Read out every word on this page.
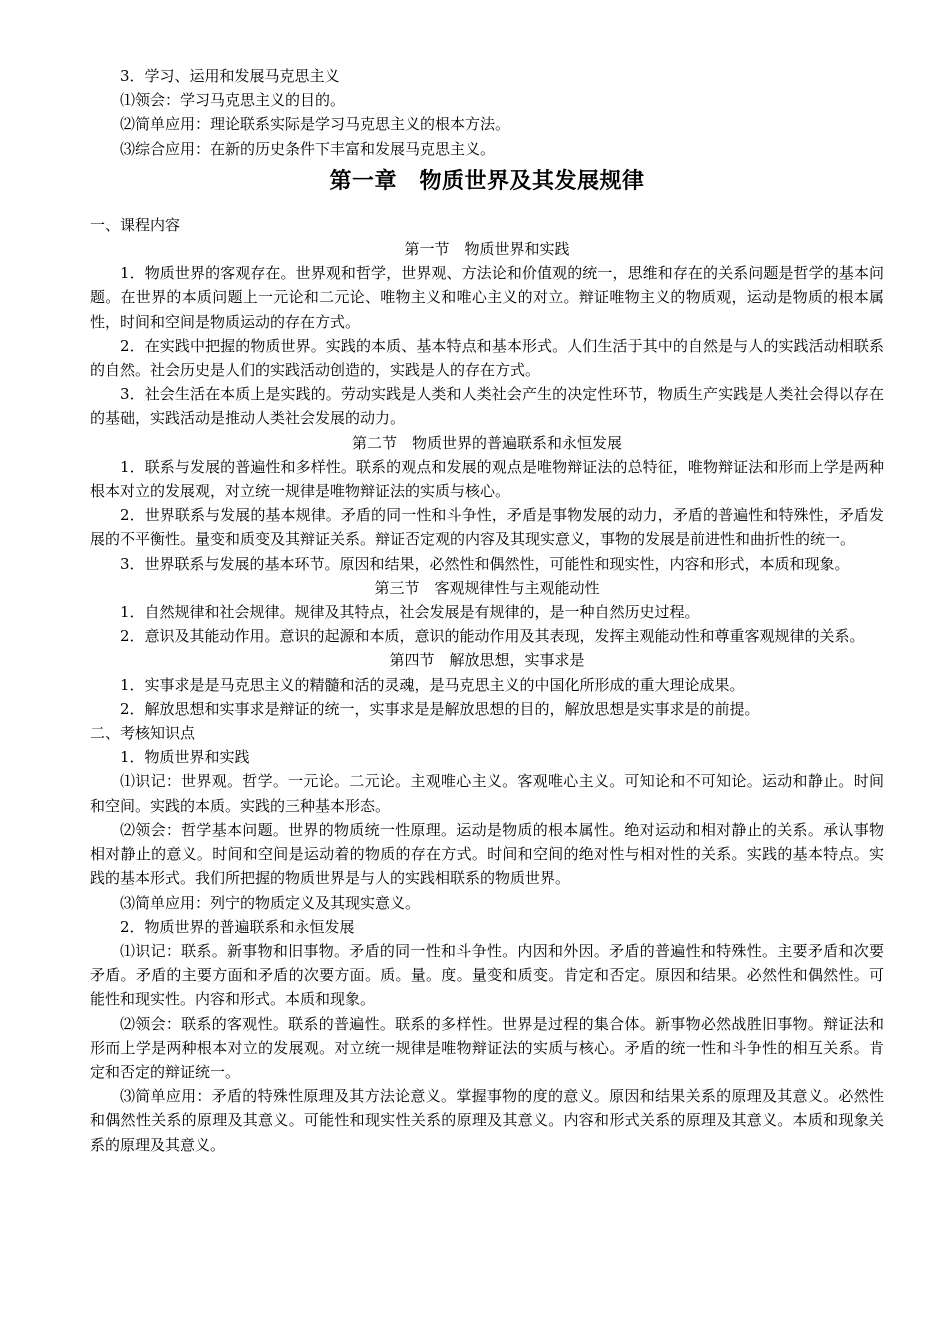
3．学习、运用和发展马克思主义

⑴领会：学习马克思主义的目的。

⑵简单应用：理论联系实际是学习马克思主义的根本方法。

⑶综合应用：在新的历史条件下丰富和发展马克思主义。

第一章　物质世界及其发展规律

一、课程内容

第一节　物质世界和实践

1．物质世界的客观存在。世界观和哲学，世界观、方法论和价值观的统一，思维和存在的关系问题是哲学的基本问题。在世界的本质问题上一元论和二元论、唯物主义和唯心主义的对立。辩证唯物主义的物质观，运动是物质的根本属性，时间和空间是物质运动的存在方式。

2．在实践中把握的物质世界。实践的本质、基本特点和基本形式。人们生活于其中的自然是与人的实践活动相联系的自然。社会历史是人们的实践活动创造的，实践是人的存在方式。

3．社会生活在本质上是实践的。劳动实践是人类和人类社会产生的决定性环节，物质生产实践是人类社会得以存在的基础，实践活动是推动人类社会发展的动力。

第二节　物质世界的普遍联系和永恒发展

1．联系与发展的普遍性和多样性。联系的观点和发展的观点是唯物辩证法的总特征，唯物辩证法和形而上学是两种根本对立的发展观，对立统一规律是唯物辩证法的实质与核心。

2．世界联系与发展的基本规律。矛盾的同一性和斗争性，矛盾是事物发展的动力，矛盾的普遍性和特殊性，矛盾发展的不平衡性。量变和质变及其辩证关系。辩证否定观的内容及其现实意义，事物的发展是前进性和曲折性的统一。

3．世界联系与发展的基本环节。原因和结果，必然性和偶然性，可能性和现实性，内容和形式，本质和现象。

第三节　客观规律性与主观能动性

1．自然规律和社会规律。规律及其特点，社会发展是有规律的，是一种自然历史过程。

2．意识及其能动作用。意识的起源和本质，意识的能动作用及其表现，发挥主观能动性和尊重客观规律的关系。

第四节　解放思想，实事求是

1．实事求是是马克思主义的精髓和活的灵魂，是马克思主义的中国化所形成的重大理论成果。

2．解放思想和实事求是辩证的统一，实事求是是解放思想的目的，解放思想是实事求是的前提。

二、考核知识点

1．物质世界和实践

⑴识记：世界观。哲学。一元论。二元论。主观唯心主义。客观唯心主义。可知论和不可知论。运动和静止。时间和空间。实践的本质。实践的三种基本形态。

⑵领会：哲学基本问题。世界的物质统一性原理。运动是物质的根本属性。绝对运动和相对静止的关系。承认事物相对静止的意义。时间和空间是运动着的物质的存在方式。时间和空间的绝对性与相对性的关系。实践的基本特点。实践的基本形式。我们所把握的物质世界是与人的实践相联系的物质世界。

⑶简单应用：列宁的物质定义及其现实意义。

2．物质世界的普遍联系和永恒发展

⑴识记：联系。新事物和旧事物。矛盾的同一性和斗争性。内因和外因。矛盾的普遍性和特殊性。主要矛盾和次要矛盾。矛盾的主要方面和矛盾的次要方面。质。量。度。量变和质变。肯定和否定。原因和结果。必然性和偶然性。可能性和现实性。内容和形式。本质和现象。

⑵领会：联系的客观性。联系的普遍性。联系的多样性。世界是过程的集合体。新事物必然战胜旧事物。辩证法和形而上学是两种根本对立的发展观。对立统一规律是唯物辩证法的实质与核心。矛盾的统一性和斗争性的相互关系。肯定和否定的辩证统一。

⑶简单应用：矛盾的特殊性原理及其方法论意义。掌握事物的度的意义。原因和结果关系的原理及其意义。必然性和偶然性关系的原理及其意义。可能性和现实性关系的原理及其意义。内容和形式关系的原理及其意义。本质和现象关系的原理及其意义。
